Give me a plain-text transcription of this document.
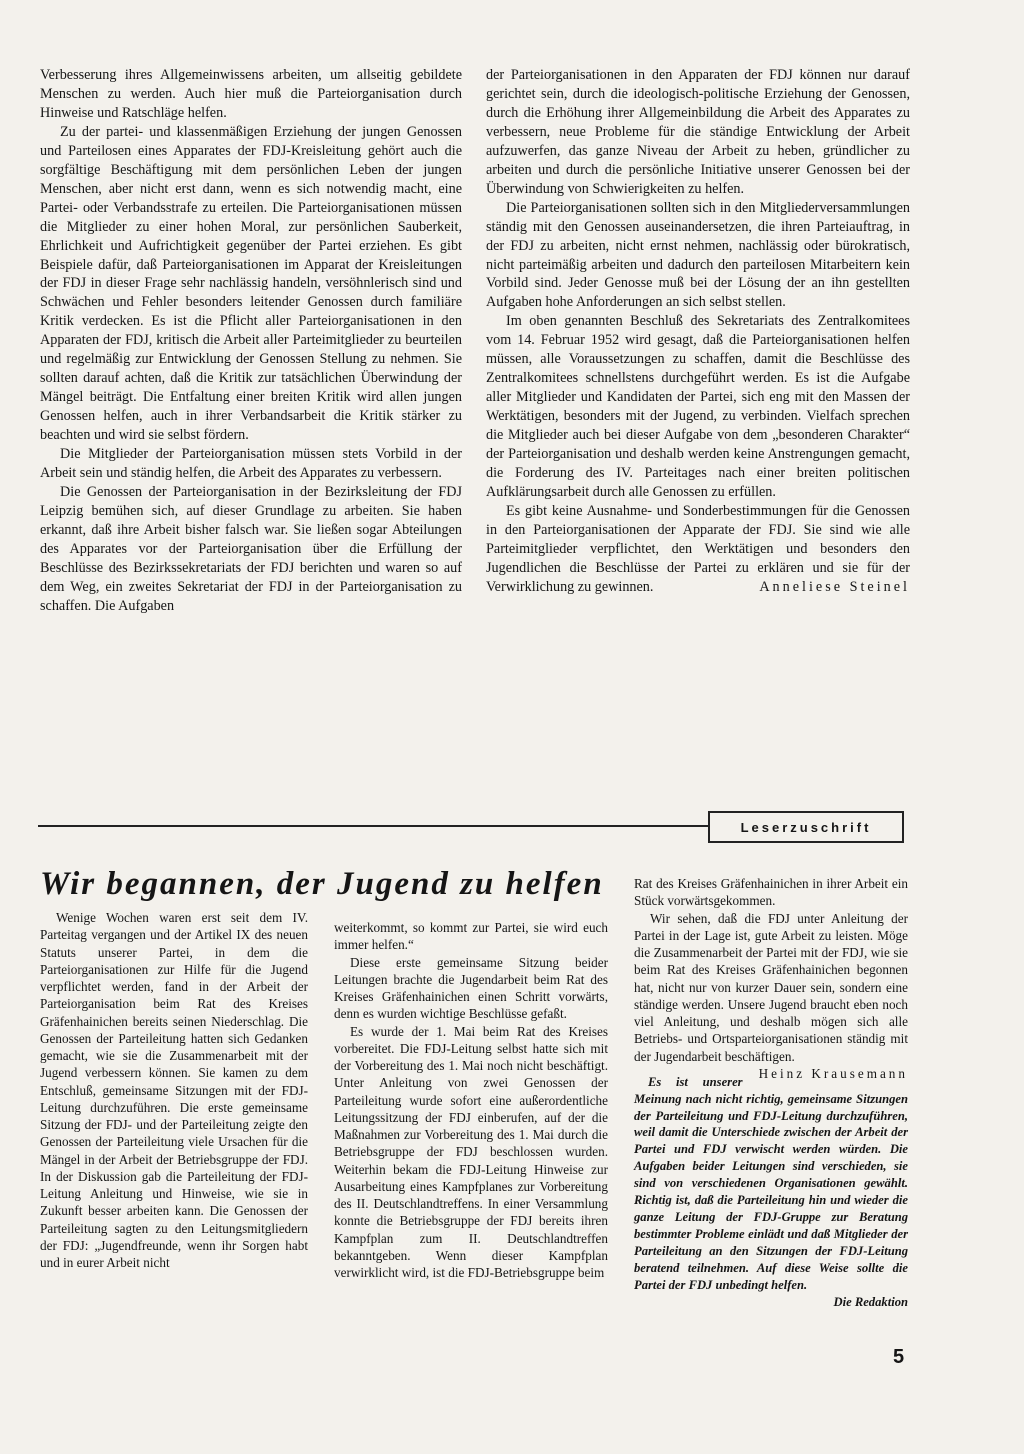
Verbesserung ihres Allgemeinwissens arbeiten, um allseitig gebildete Menschen zu werden. Auch hier muß die Parteiorganisation durch Hinweise und Ratschläge helfen.

Zu der partei- und klassenmäßigen Erziehung der jungen Genossen und Parteilosen eines Apparates der FDJ-Kreisleitung gehört auch die sorgfältige Beschäftigung mit dem persönlichen Leben der jungen Menschen, aber nicht erst dann, wenn es sich notwendig macht, eine Partei- oder Verbandsstrafe zu erteilen. Die Parteiorganisationen müssen die Mitglieder zu einer hohen Moral, zur persönlichen Sauberkeit, Ehrlichkeit und Aufrichtigkeit gegenüber der Partei erziehen. Es gibt Beispiele dafür, daß Parteiorganisationen im Apparat der Kreisleitungen der FDJ in dieser Frage sehr nachlässig handeln, versöhnlerisch sind und Schwächen und Fehler besonders leitender Genossen durch familiäre Kritik verdecken. Es ist die Pflicht aller Parteiorganisationen in den Apparaten der FDJ, kritisch die Arbeit aller Parteimitglieder zu beurteilen und regelmäßig zur Entwicklung der Genossen Stellung zu nehmen. Sie sollten darauf achten, daß die Kritik zur tatsächlichen Überwindung der Mängel beiträgt. Die Entfaltung einer breiten Kritik wird allen jungen Genossen helfen, auch in ihrer Verbandsarbeit die Kritik stärker zu beachten und wird sie selbst fördern.

Die Mitglieder der Parteiorganisation müssen stets Vorbild in der Arbeit sein und ständig helfen, die Arbeit des Apparates zu verbessern.

Die Genossen der Parteiorganisation in der Bezirksleitung der FDJ Leipzig bemühen sich, auf dieser Grundlage zu arbeiten. Sie haben erkannt, daß ihre Arbeit bisher falsch war. Sie ließen sogar Abteilungen des Apparates vor der Parteiorganisation über die Erfüllung der Beschlüsse des Bezirkssekretariats der FDJ berichten und waren so auf dem Weg, ein zweites Sekretariat der FDJ in der Parteiorganisation zu schaffen. Die Aufgaben

der Parteiorganisationen in den Apparaten der FDJ können nur darauf gerichtet sein, durch die ideologisch-politische Erziehung der Genossen, durch die Erhöhung ihrer Allgemeinbildung die Arbeit des Apparates zu verbessern, neue Probleme für die ständige Entwicklung der Arbeit aufzuwerfen, das ganze Niveau der Arbeit zu heben, gründlicher zu arbeiten und durch die persönliche Initiative unserer Genossen bei der Überwindung von Schwierigkeiten zu helfen.

Die Parteiorganisationen sollten sich in den Mitgliederversammlungen ständig mit den Genossen auseinandersetzen, die ihren Parteiauftrag, in der FDJ zu arbeiten, nicht ernst nehmen, nachlässig oder bürokratisch, nicht parteimäßig arbeiten und dadurch den parteilosen Mitarbeitern kein Vorbild sind. Jeder Genosse muß bei der Lösung der an ihn gestellten Aufgaben hohe Anforderungen an sich selbst stellen.

Im oben genannten Beschluß des Sekretariats des Zentralkomitees vom 14. Februar 1952 wird gesagt, daß die Parteiorganisationen helfen müssen, alle Voraussetzungen zu schaffen, damit die Beschlüsse des Zentralkomitees schnellstens durchgeführt werden. Es ist die Aufgabe aller Mitglieder und Kandidaten der Partei, sich eng mit den Massen der Werktätigen, besonders mit der Jugend, zu verbinden. Vielfach sprechen die Mitglieder auch bei dieser Aufgabe von dem „besonderen Charakter“ der Parteiorganisation und deshalb werden keine Anstrengungen gemacht, die Forderung des IV. Parteitages nach einer breiten politischen Aufklärungsarbeit durch alle Genossen zu erfüllen.

Es gibt keine Ausnahme- und Sonderbestimmungen für die Genossen in den Parteiorganisationen der Apparate der FDJ. Sie sind wie alle Parteimitglieder verpflichtet, den Werktätigen und besonders den Jugendlichen die Beschlüsse der Partei zu erklären und sie für der Verwirklichung zu gewinnen.	Anneliese Steinel

Leserzuschrift
Wir begannen, der Jugend zu helfen

Wenige Wochen waren erst seit dem IV. Parteitag vergangen und der Artikel IX des neuen Statuts unserer Partei, in dem die Parteiorganisationen zur Hilfe für die Jugend verpflichtet werden, fand in der Arbeit der Parteiorganisation beim Rat des Kreises Gräfenhainichen bereits seinen Niederschlag. Die Genossen der Parteileitung hatten sich Gedanken gemacht, wie sie die Zusammenarbeit mit der Jugend verbessern können. Sie kamen zu dem Entschluß, gemeinsame Sitzungen mit der FDJ-Leitung durchzuführen. Die erste gemeinsame Sitzung der FDJ- und der Parteileitung zeigte den Genossen der Parteileitung viele Ursachen für die Mängel in der Arbeit der Betriebsgruppe der FDJ. In der Diskussion gab die Parteileitung der FDJ-Leitung Anleitung und Hinweise, wie sie in Zukunft besser arbeiten kann. Die Genossen der Parteileitung sagten zu den Leitungsmitgliedern der FDJ: „Jugendfreunde, wenn ihr Sorgen habt und in eurer Arbeit nicht

weiterkommt, so kommt zur Partei, sie wird euch immer helfen.“

Diese erste gemeinsame Sitzung beider Leitungen brachte die Jugendarbeit beim Rat des Kreises Gräfenhainichen einen Schritt vorwärts, denn es wurden wichtige Beschlüsse gefaßt.

Es wurde der 1. Mai beim Rat des Kreises vorbereitet. Die FDJ-Leitung selbst hatte sich mit der Vorbereitung des 1. Mai noch nicht beschäftigt. Unter Anleitung von zwei Genossen der Parteileitung wurde sofort eine außerordentliche Leitungssitzung der FDJ einberufen, auf der die Maßnahmen zur Vorbereitung des 1. Mai durch die Betriebsgruppe der FDJ beschlossen wurden. Weiterhin bekam die FDJ-Leitung Hinweise zur Ausarbeitung eines Kampfplanes zur Vorbereitung des II. Deutschlandtreffens. In einer Versammlung konnte die Betriebsgruppe der FDJ bereits ihren Kampfplan zum II. Deutschlandtreffen bekanntgeben. Wenn dieser Kampfplan verwirklicht wird, ist die FDJ-Betriebsgruppe beim

Rat des Kreises Gräfenhainichen in ihrer Arbeit ein Stück vorwärtsgekommen.

Wir sehen, daß die FDJ unter Anleitung der Partei in der Lage ist, gute Arbeit zu leisten. Möge die Zusammenarbeit der Partei mit der FDJ, wie sie beim Rat des Kreises Gräfenhainichen begonnen hat, nicht nur von kurzer Dauer sein, sondern eine ständige werden. Unsere Jugend braucht eben noch viel Anleitung, und deshalb mögen sich alle Betriebs- und Ortsparteiorganisationen ständig mit der Jugendarbeit beschäftigen.
Heinz Krausemann

Es ist unserer Meinung nach nicht richtig, gemeinsame Sitzungen der Parteileitung und FDJ-Leitung durchzuführen, weil damit die Unterschiede zwischen der Arbeit der Partei und FDJ verwischt werden würden. Die Aufgaben beider Leitungen sind verschieden, sie sind von verschiedenen Organisationen gewählt. Richtig ist, daß die Parteileitung hin und wieder die ganze Leitung der FDJ-Gruppe zur Beratung bestimmter Probleme einlädt und daß Mitglieder der Parteileitung an den Sitzungen der FDJ-Leitung beratend teilnehmen. Auf diese Weise sollte die Partei der FDJ unbedingt helfen.

Die Redaktion
5
